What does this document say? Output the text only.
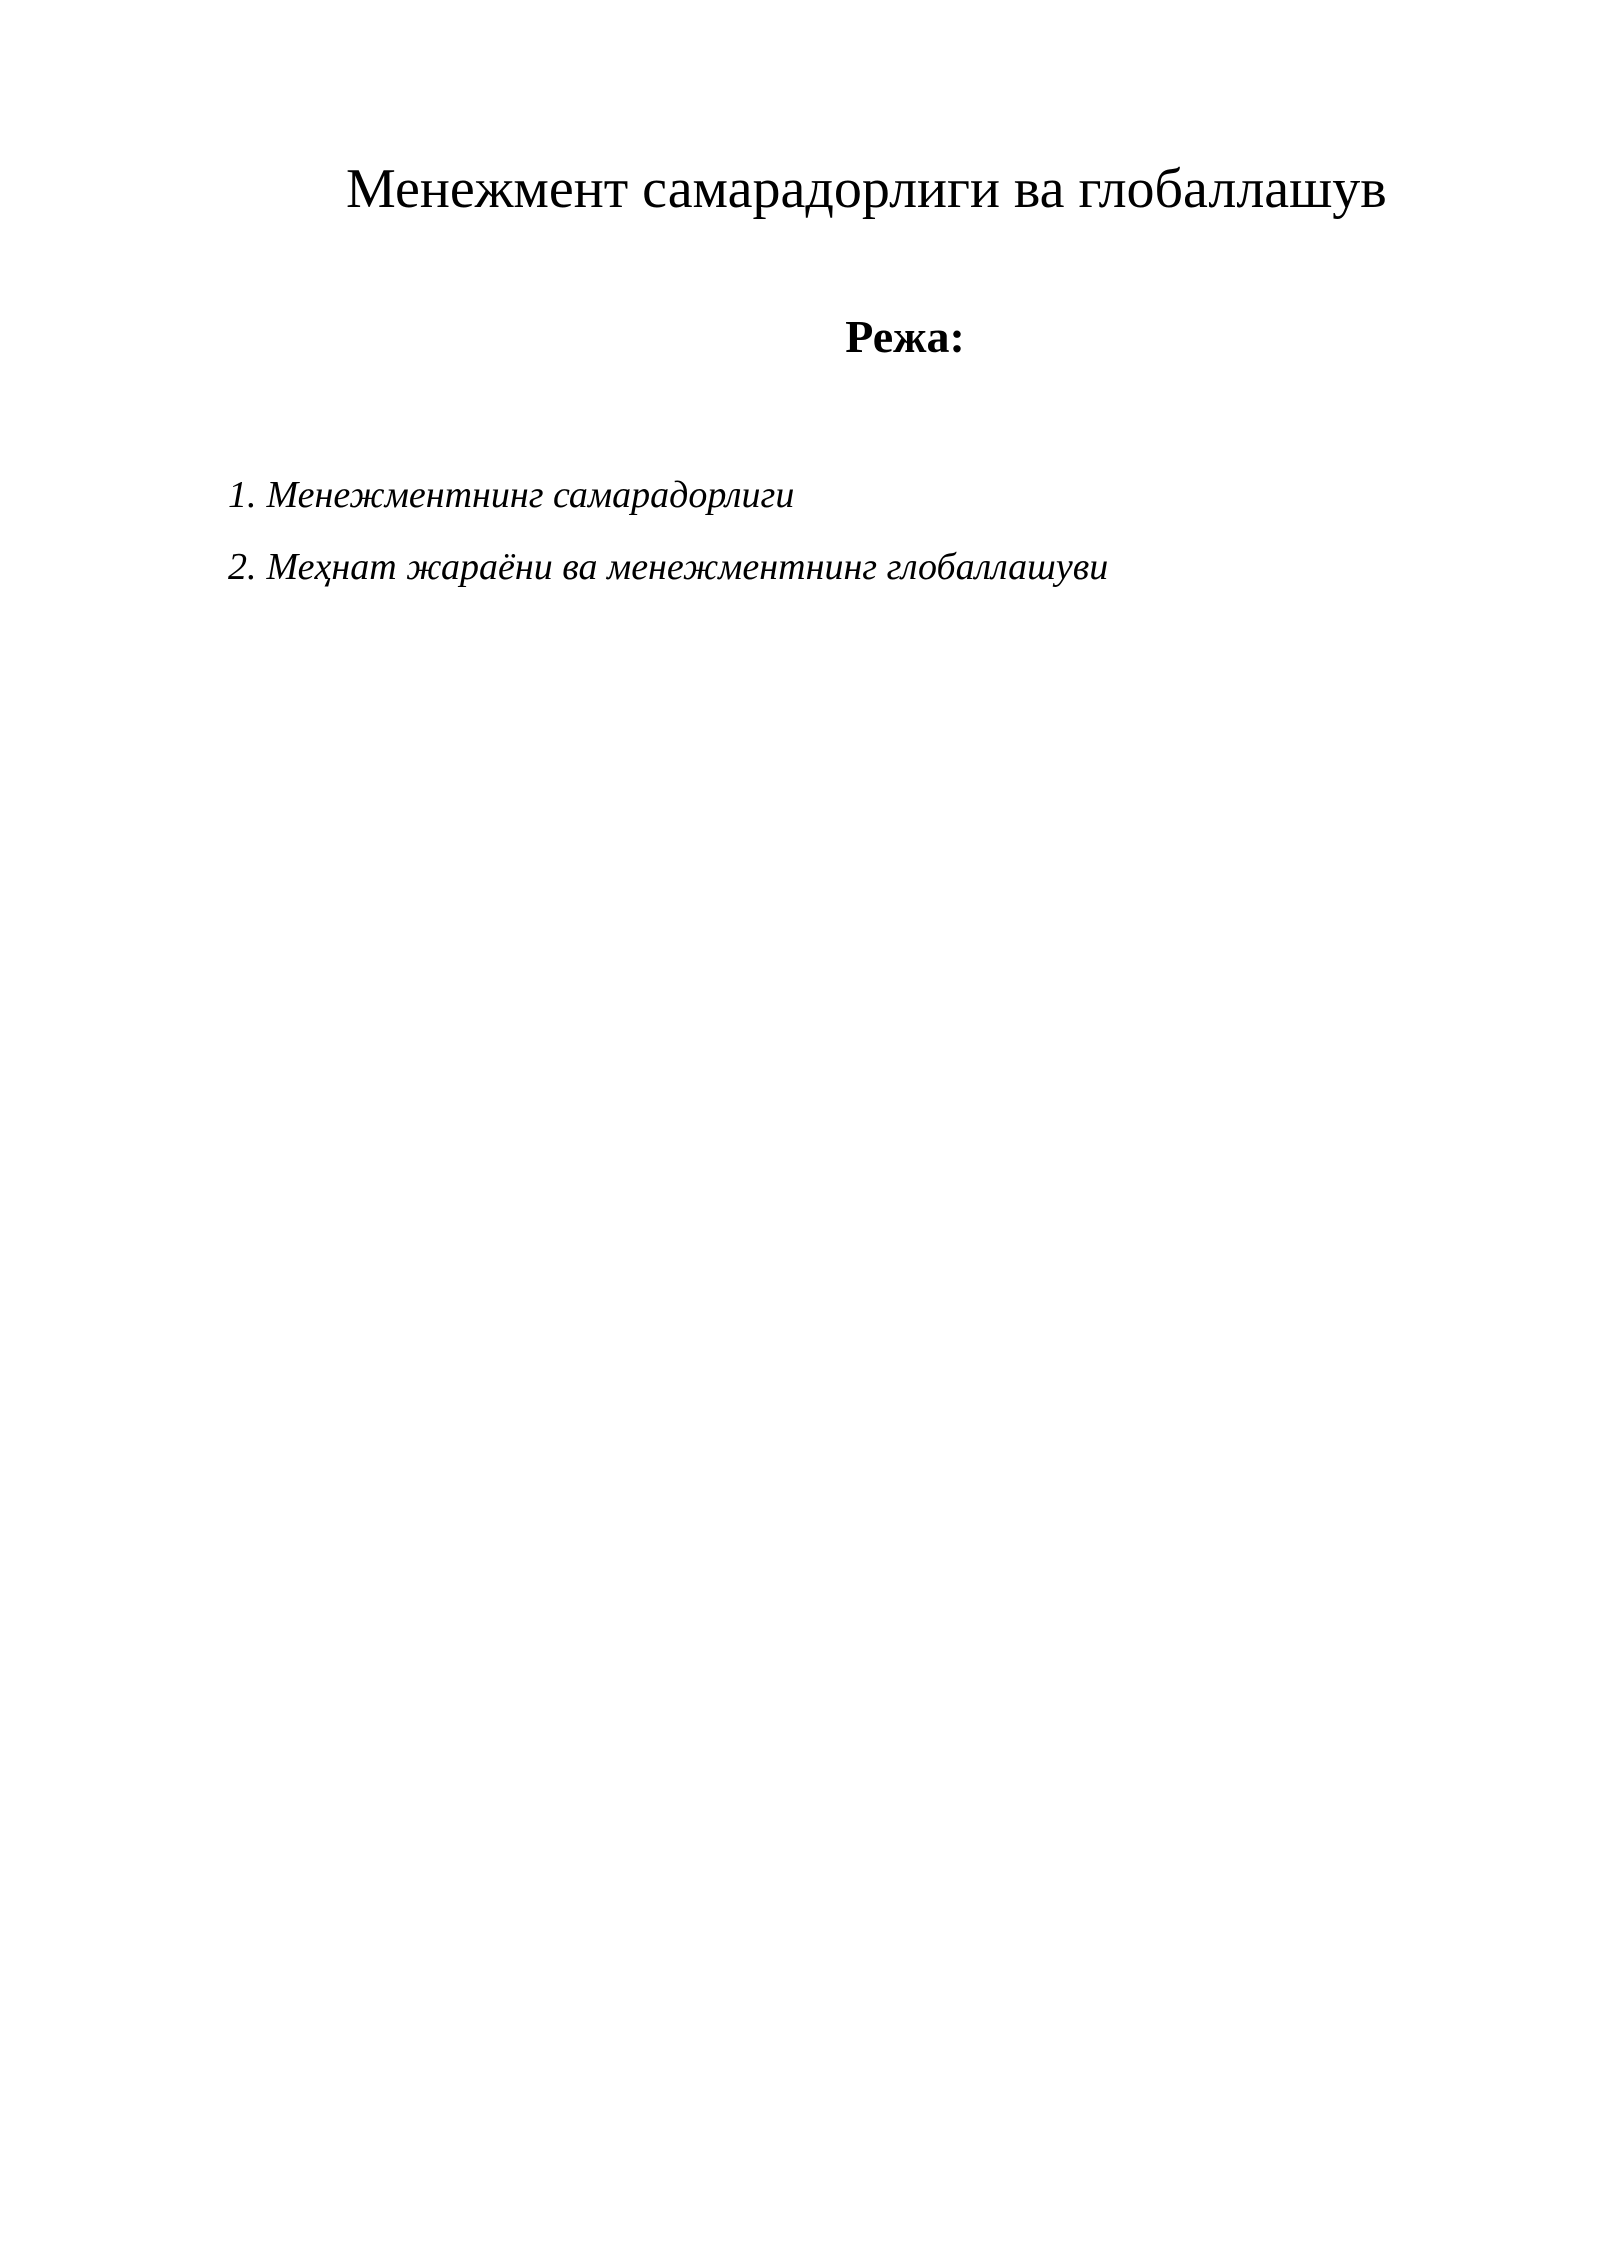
Менежмент самарадорлиги ва глобаллашув
Режа:
1. Менежментнинг самарадорлиги
2. Меҳнат жараёни ва менежментнинг глобаллашуви
